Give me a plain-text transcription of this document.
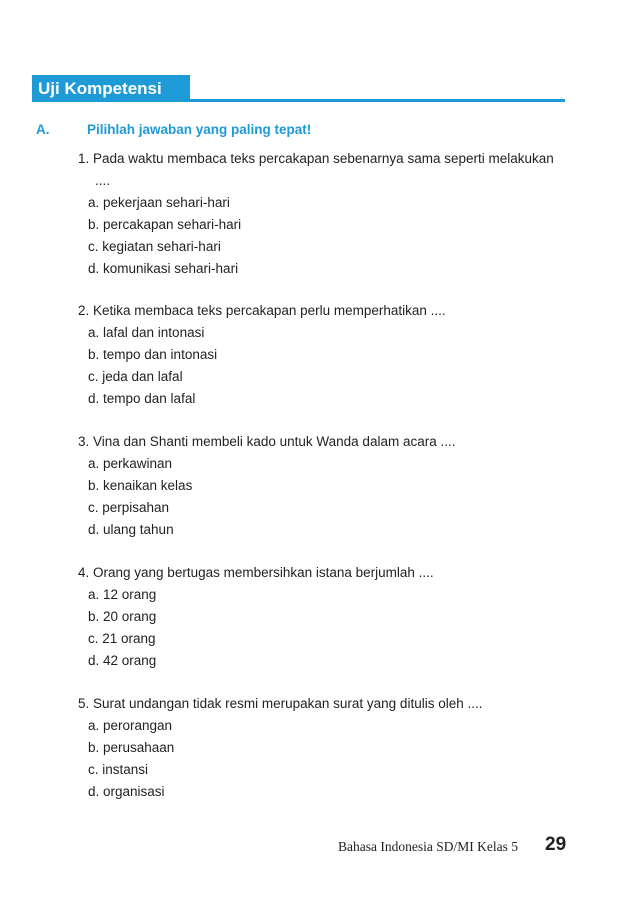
Uji Kompetensi
A.	Pilihlah jawaban yang paling tepat!
1. Pada waktu membaca teks percakapan sebenarnya sama seperti melakukan
....
a. pekerjaan sehari-hari
b. percakapan sehari-hari
c. kegiatan sehari-hari
d. komunikasi sehari-hari
2. Ketika membaca teks percakapan perlu memperhatikan ....
a. lafal dan intonasi
b. tempo dan intonasi
c. jeda dan lafal
d. tempo dan lafal
3. Vina dan Shanti membeli kado untuk Wanda dalam acara ....
a. perkawinan
b. kenaikan kelas
c. perpisahan
d. ulang tahun
4. Orang yang bertugas membersihkan istana berjumlah ....
a. 12 orang
b. 20 orang
c. 21 orang
d. 42 orang
5. Surat undangan tidak resmi merupakan surat yang ditulis oleh ....
a. perorangan
b. perusahaan
c. instansi
d. organisasi
Bahasa Indonesia SD/MI Kelas 5 29
